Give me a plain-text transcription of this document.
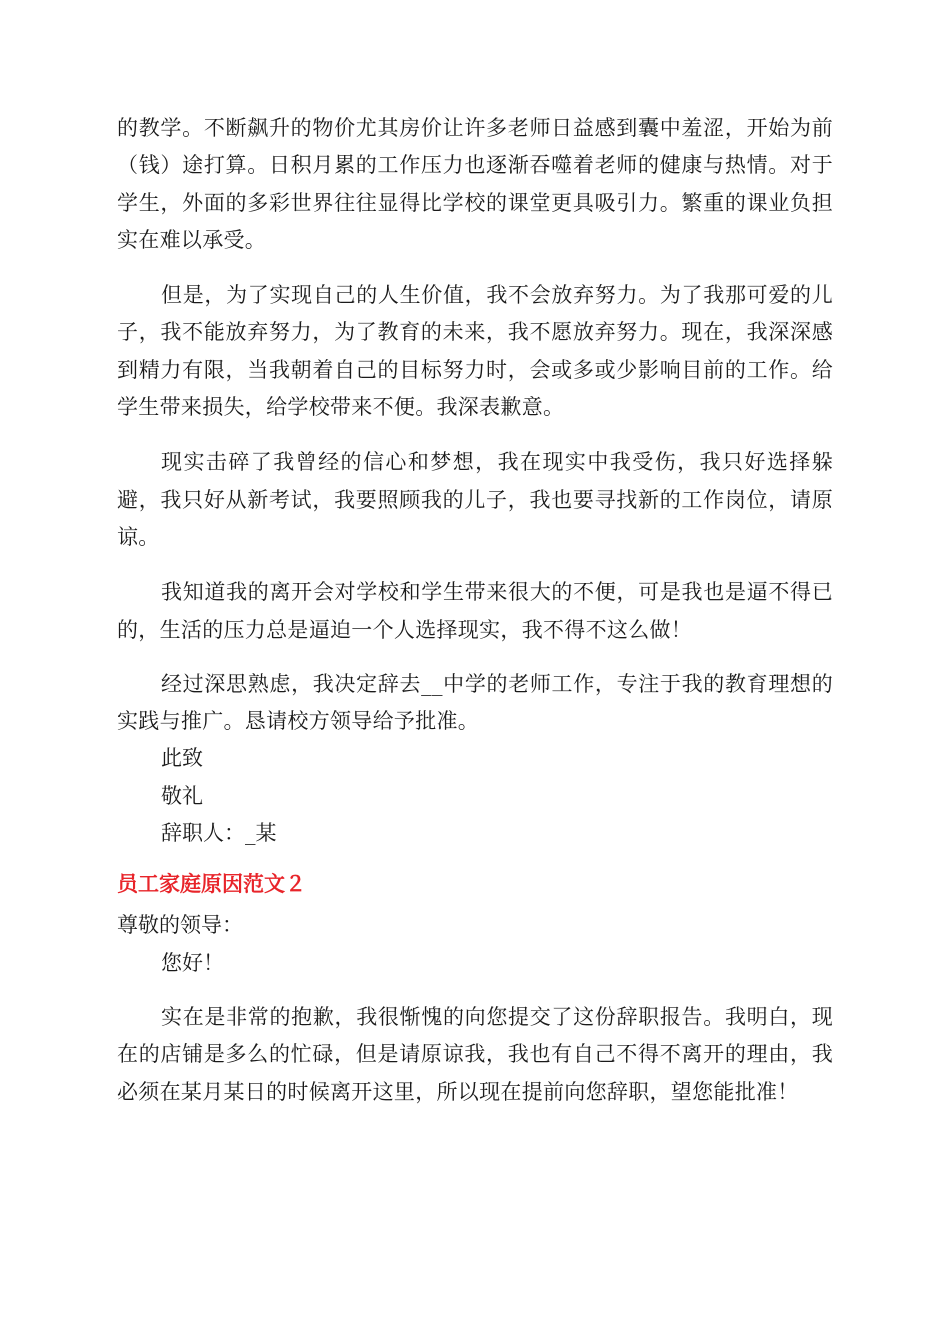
的教学。不断飙升的物价尤其房价让许多老师日益感到囊中羞涩，开始为前（钱）途打算。日积月累的工作压力也逐渐吞噬着老师的健康与热情。对于学生，外面的多彩世界往往显得比学校的课堂更具吸引力。繁重的课业负担实在难以承受。

但是，为了实现自己的人生价值，我不会放弃努力。为了我那可爱的儿子，我不能放弃努力，为了教育的未来，我不愿放弃努力。现在，我深深感到精力有限，当我朝着自己的目标努力时，会或多或少影响目前的工作。给学生带来损失，给学校带来不便。我深表歉意。

现实击碎了我曾经的信心和梦想，我在现实中我受伤，我只好选择躲避，我只好从新考试，我要照顾我的儿子，我也要寻找新的工作岗位，请原谅。

我知道我的离开会对学校和学生带来很大的不便，可是我也是逼不得已的，生活的压力总是逼迫一个人选择现实，我不得不这么做！

经过深思熟虑，我决定辞去__中学的老师工作，专注于我的教育理想的实践与推广。恳请校方领导给予批准。

此致

敬礼

辞职人：_某

员工家庭原因范文２

尊敬的领导：

您好！

实在是非常的抱歉，我很惭愧的向您提交了这份辞职报告。我明白，现在的店铺是多么的忙碌，但是请原谅我，我也有自己不得不离开的理由，我必须在某月某日的时候离开这里，所以现在提前向您辞职，望您能批准！
